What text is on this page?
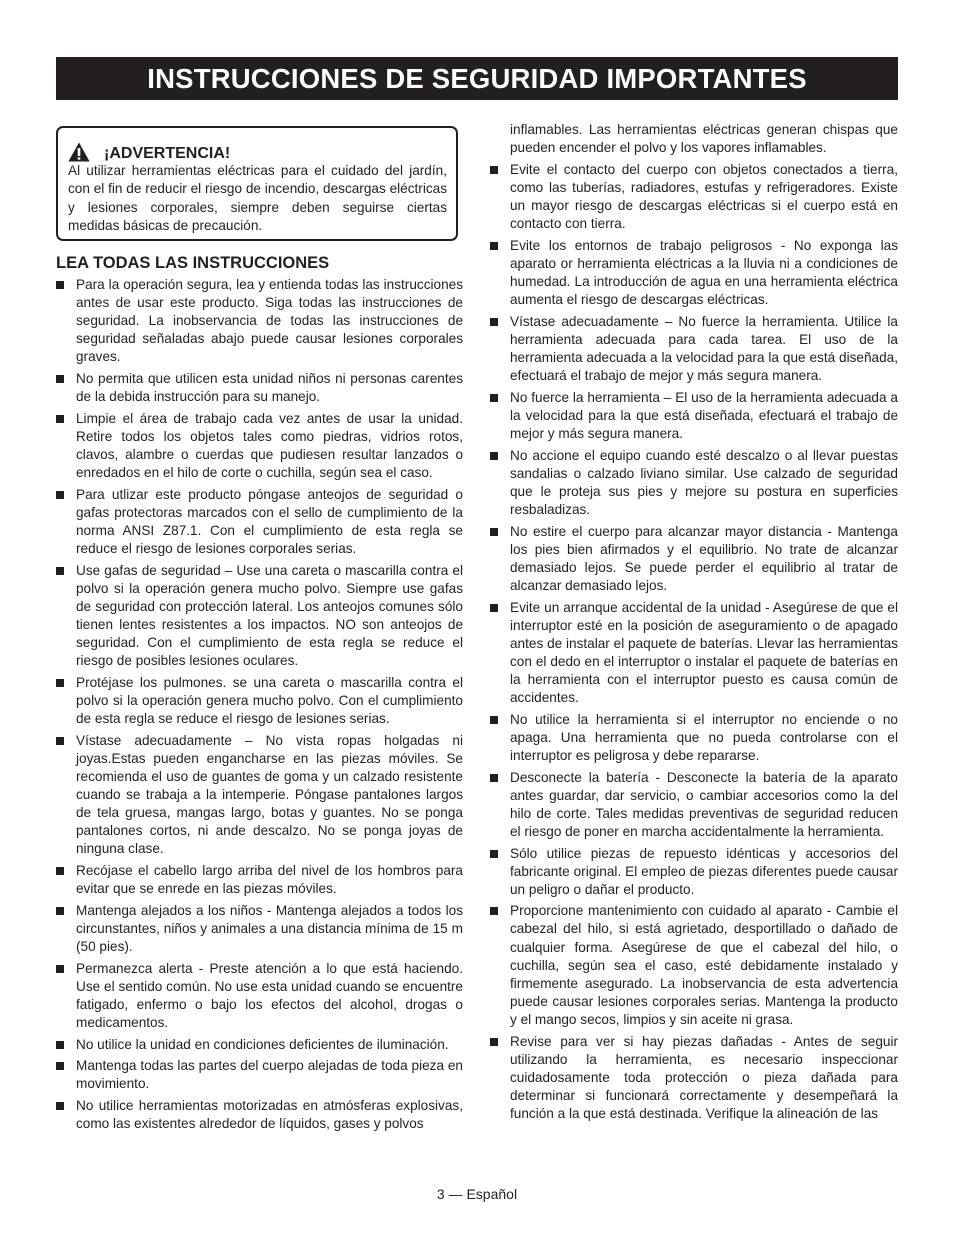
INSTRUCCIONES DE SEGURIDAD IMPORTANTES
¡ADVERTENCIA!
Al utilizar herramientas eléctricas para el cuidado del jardín, con el fin de reducir el riesgo de incendio, descargas eléctricas y lesiones corporales, siempre deben seguirse ciertas medidas básicas de precaución.
LEA TODAS LAS INSTRUCCIONES
Para la operación segura, lea y entienda todas las instrucciones antes de usar este producto. Siga todas las instrucciones de seguridad. La inobservancia de todas las instrucciones de seguridad señaladas abajo puede causar lesiones corporales graves.
No permita que utilicen esta unidad niños ni personas carentes de la debida instrucción para su manejo.
Limpie el área de trabajo cada vez antes de usar la unidad. Retire todos los objetos tales como piedras, vidrios rotos, clavos, alambre o cuerdas que pudiesen resultar lanzados o enredados en el hilo de corte o cuchilla, según sea el caso.
Para utlizar este producto póngase anteojos de seguridad o gafas protectoras marcados con el sello de cumplimiento de la norma ANSI Z87.1. Con el cumplimiento de esta regla se reduce el riesgo de lesiones corporales serias.
Use gafas de seguridad – Use una careta o mascarilla contra el polvo si la operación genera mucho polvo. Siempre use gafas de seguridad con protección lateral. Los anteojos comunes sólo tienen lentes resistentes a los impactos. NO son anteojos de seguridad. Con el cumplimiento de esta regla se reduce el riesgo de posibles lesiones oculares.
Protéjase los pulmones. se una careta o mascarilla contra el polvo si la operación genera mucho polvo. Con el cumplimiento de esta regla se reduce el riesgo de lesiones serias.
Vístase adecuadamente – No vista ropas holgadas ni joyas.Estas pueden engancharse en las piezas móviles. Se recomienda el uso de guantes de goma y un calzado resistente cuando se trabaja a la intemperie. Póngase pantalones largos de tela gruesa, mangas largo, botas y guantes. No se ponga pantalones cortos, ni ande descalzo. No se ponga joyas de ninguna clase.
Recójase el cabello largo arriba del nivel de los hombros para evitar que se enrede en las piezas móviles.
Mantenga alejados a los niños - Mantenga alejados a todos los circunstantes, niños y animales a una distancia mínima de 15 m (50 pies).
Permanezca alerta - Preste atención a lo que está haciendo. Use el sentido común. No use esta unidad cuando se encuentre fatigado, enfermo o bajo los efectos del alcohol, drogas o medicamentos.
No utilice la unidad en condiciones deficientes de iluminación.
Mantenga todas las partes del cuerpo alejadas de toda pieza en movimiento.
No utilice herramientas motorizadas en atmósferas explosivas, como las existentes alrededor de líquidos, gases y polvos
inflamables. Las herramientas eléctricas generan chispas que pueden encender el polvo y los vapores inflamables.
Evite el contacto del cuerpo con objetos conectados a tierra, como las tuberías, radiadores, estufas y refrigeradores. Existe un mayor riesgo de descargas eléctricas si el cuerpo está en contacto con tierra.
Evite los entornos de trabajo peligrosos - No exponga las aparato or herramienta eléctricas a la lluvia ni a condiciones de humedad. La introducción de agua en una herramienta eléctrica aumenta el riesgo de descargas eléctricas.
Vístase adecuadamente – No fuerce la herramienta. Utilice la herramienta adecuada para cada tarea. El uso de la herramienta adecuada a la velocidad para la que está diseñada, efectuará el trabajo de mejor y más segura manera.
No fuerce la herramienta – El uso de la herramienta adecuada a la velocidad para la que está diseñada, efectuará el trabajo de mejor y más segura manera.
No accione el equipo cuando esté descalzo o al llevar puestas sandalias o calzado liviano similar. Use calzado de seguridad que le proteja sus pies y mejore su postura en superficies resbaladizas.
No estire el cuerpo para alcanzar mayor distancia - Mantenga los pies bien afirmados y el equilibrio. No trate de alcanzar demasiado lejos. Se puede perder el equilibrio al tratar de alcanzar demasiado lejos.
Evite un arranque accidental de la unidad - Asegúrese de que el interruptor esté en la posición de aseguramiento o de apagado antes de instalar el paquete de baterías. Llevar las herramientas con el dedo en el interruptor o instalar el paquete de baterías en la herramienta con el interruptor puesto es causa común de accidentes.
No utilice la herramienta si el interruptor no enciende o no apaga. Una herramienta que no pueda controlarse con el interruptor es peligrosa y debe repararse.
Desconecte la batería - Desconecte la batería de la aparato antes guardar, dar servicio, o cambiar accesorios como la del hilo de corte. Tales medidas preventivas de seguridad reducen el riesgo de poner en marcha accidentalmente la herramienta.
Sólo utilice piezas de repuesto idénticas y accesorios del fabricante original. El empleo de piezas diferentes puede causar un peligro o dañar el producto.
Proporcione mantenimiento con cuidado al aparato - Cambie el cabezal del hilo, si está agrietado, desportillado o dañado de cualquier forma. Asegúrese de que el cabezal del hilo, o cuchilla, según sea el caso, esté debidamente instalado y firmemente asegurado. La inobservancia de esta advertencia puede causar lesiones corporales serias. Mantenga la producto y el mango secos, limpios y sin aceite ni grasa.
Revise para ver si hay piezas dañadas - Antes de seguir utilizando la herramienta, es necesario inspeccionar cuidadosamente toda protección o pieza dañada para determinar si funcionará correctamente y desempeñará la función a la que está destinada. Verifique la alineación de las
3 — Español
